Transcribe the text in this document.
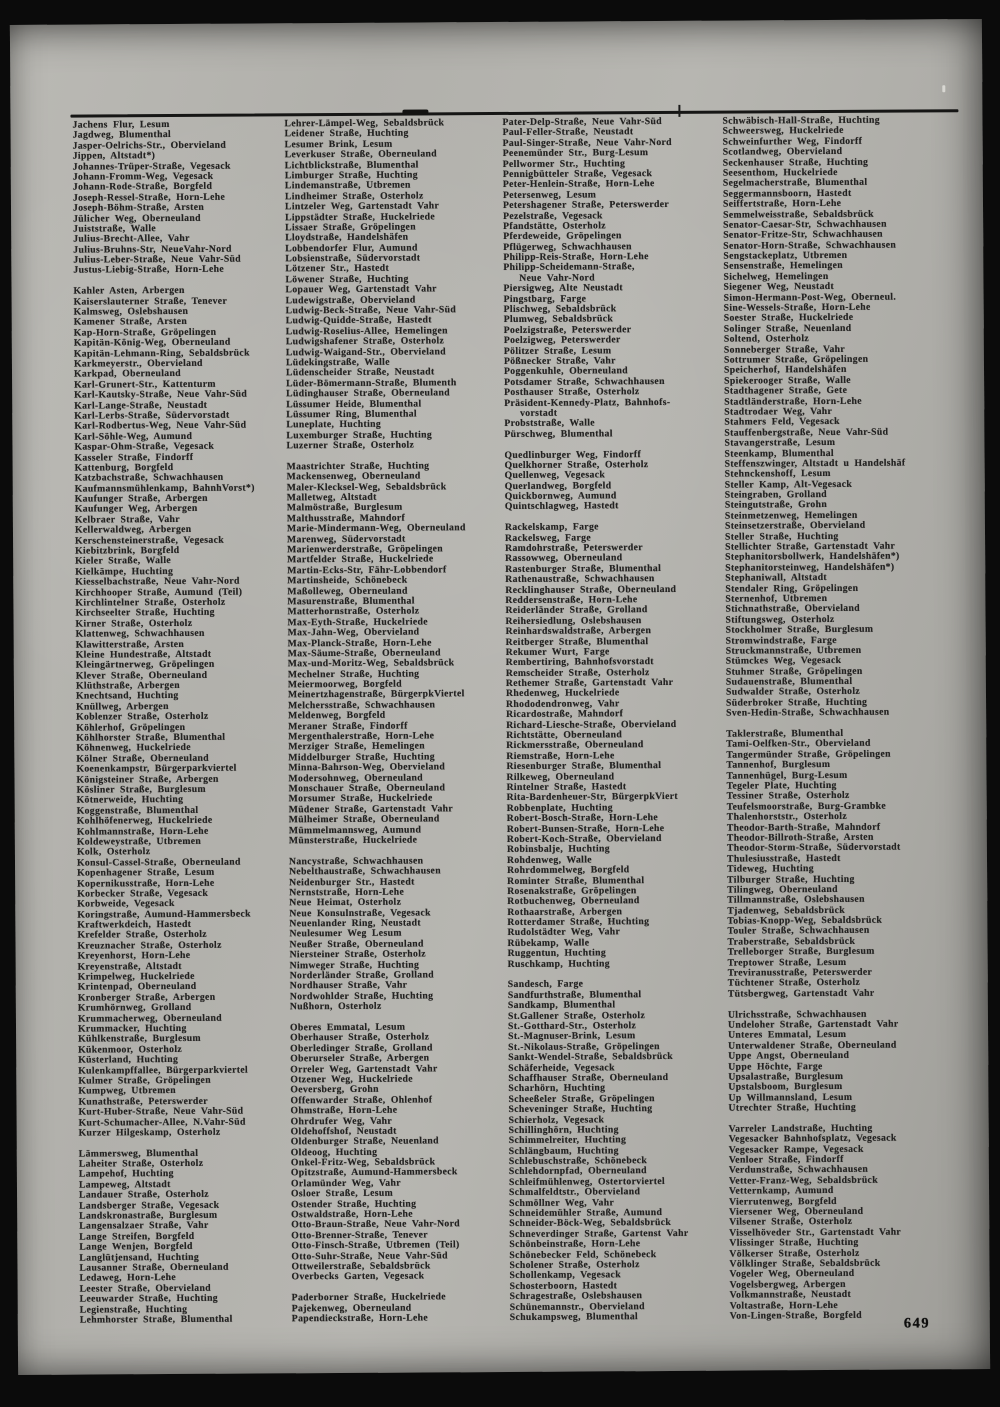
Jachens Flur, Lesum
Jagdweg, Blumenthal
Jasper-Oelrichs-Str., Obervieland
Jippen, Altstadt*)
Johannes-Trüper-Straße, Vegesack
Johann-Fromm-Weg, Vegesack
Johann-Rode-Straße, Borgfeld
Joseph-Ressel-Straße, Horn-Lehe
Joseph-Böhm-Straße, Arsten
Jülicher Weg, Oberneuland
Juiststraße, Walle
Julius-Brecht-Allee, Vahr
Julius-Bruhns-Str, NeueVahr-Nord
Julius-Leber-Straße, Neue Vahr-Süd
Justus-Liebig-Straße, Horn-Lehe
Kahler Asten, Arbergen
Kaiserslauterner Straße, Tenever
Kalmsweg, Oslebshausen
Kamener Straße, Arsten
Kap-Horn-Straße, Gröpelingen
Kapitän-König-Weg, Oberneuland
Kapitän-Lehmann-Ring, Sebaldsbrück
Karkmeyerstr., Obervieland
Karkpad, Oberneuland
Karl-Grunert-Str., Kattenturm
Karl-Kautsky-Straße, Neue Vahr-Süd
Karl-Lange-Straße, Neustadt
Karl-Lerbs-Straße, Südervorstadt
Karl-Rodbertus-Weg, Neue Vahr-Süd
Karl-Söhle-Weg, Aumund
Kaspar-Ohm-Straße, Vegesack
Kasseler Straße, Findorff
Kattenburg, Borgfeld
Katzbachstraße, Schwachhausen
Kaufmannsmühlenkamp, BahnhVorst*)
Kaufunger Straße, Arbergen
Kaufunger Weg, Arbergen
Kelbraer Straße, Vahr
Kellerwaldweg, Arbergen
Kerschensteinerstraße, Vegesack
Kiebitzbrink, Borgfeld
Kieler Straße, Walle
Kielkämpe, Huchting
Kiesselbachstraße, Neue Vahr-Nord
Kirchhooper Straße, Aumund (Teil)
Kirchlintelner Straße, Osterholz
Kirchseelter Straße, Huchting
Kirner Straße, Osterholz
Klattenweg, Schwachhausen
Klawitterstraße, Arsten
Kleine Hundestraße, Altstadt
Kleingärtnerweg, Gröpelingen
Klever Straße, Oberneuland
Klüthstraße, Arbergen
Knechtsand, Huchting
Knüllweg, Arbergen
Koblenzer Straße, Osterholz
Köhlerhof, Gröpelingen
Köhlhorster Straße, Blumenthal
Köhnenweg, Huckelriede
Kölner Straße, Oberneuland
Koenenkampstr, Bürgerparkviertel
Königsteiner Straße, Arbergen
Kösliner Straße, Burglesum
Kötnerweide, Huchting
Koggenstraße, Blumenthal
Kohlhöfenerweg, Huckelriede
Kohlmannstraße, Horn-Lehe
Koldeweystraße, Utbremen
Kolk, Osterholz
Konsul-Cassel-Straße, Oberneuland
Kopenhagener Straße, Lesum
Kopernikusstraße, Horn-Lehe
Korbecker Straße, Vegesack
Korbweide, Vegesack
Koringstraße, Aumund-Hammersbeck
Kraftwerkdeich, Hastedt
Krefelder Straße, Osterholz
Kreuznacher Straße, Osterholz
Kreyenhorst, Horn-Lehe
Kreyenstraße, Altstadt
Krimpelweg, Huckelriede
Krintenpad, Oberneuland
Kronberger Straße, Arbergen
Krumhörnweg, Grolland
Krummacherweg, Oberneuland
Krummacker, Huchting
Kühlkenstraße, Burglesum
Kükenmoor, Osterholz
Küsterland, Huchting
Kulenkampffallee, Bürgerparkviertel
Kulmer Straße, Gröpelingen
Kumpweg, Utbremen
Kunathstraße, Peterswerder
Kurt-Huber-Straße, Neue Vahr-Süd
Kurt-Schumacher-Allee, N.Vahr-Süd
Kurzer Hilgeskamp, Osterholz
Lämmersweg, Blumenthal
Laheiter Straße, Osterholz
Lampehof, Huchting
Lampeweg, Altstadt
Landauer Straße, Osterholz
Landsberger Straße, Vegesack
Landskronastraße, Burglesum
Langensalzaer Straße, Vahr
Lange Streifen, Borgfeld
Lange Wenjen, Borgfeld
Langlütjensand, Huchting
Lausanner Straße, Oberneuland
Ledaweg, Horn-Lehe
Leester Straße, Obervieland
Leeuwarder Straße, Huchting
Legienstraße, Huchting
Lehmhorster Straße, Blumenthal
Lehrer-Lämpel-Weg, Sebaldsbrück
Leidener Straße, Huchting
Lesumer Brink, Lesum
Leverkuser Straße, Oberneuland
Lichtblickstraße, Blumenthal
Limburger Straße, Huchting
Lindemanstraße, Utbremen
Lindheimer Straße, Osterholz
Lintzeler Weg, Gartenstadt Vahr
Lippstädter Straße, Huckelriede
Lissaer Straße, Gröpelingen
Lloydstraße, Handelshäfen
Lobbendorfer Flur, Aumund
Lobsienstraße, Südervorstadt
Lötzener Str., Hastedt
Löwener Straße, Huchting
Lopauer Weg, Gartenstadt Vahr
Ludewigstraße, Obervieland
Ludwig-Beck-Straße, Neue Vahr-Süd
Ludwig-Quidde-Straße, Hastedt
Ludwig-Roselius-Allee, Hemelingen
Ludwigshafener Straße, Osterholz
Ludwig-Waigand-Str., Obervieland
Lüdekingstraße, Walle
Lüdenscheider Straße, Neustadt
Lüder-Bömermann-Straße, Blumenth
Lüdinghauser Straße, Oberneuland
Lüssumer Heide, Blumenthal
Lüssumer Ring, Blumenthal
Luneplate, Huchting
Luxemburger Straße, Huchting
Luzerner Straße, Osterholz
Maastrichter Straße, Huchting
Mackensenweg, Oberneuland
Maler-Klecksel-Weg, Sebaldsbrück
Malletweg, Altstadt
Malmöstraße, Burglesum
Malthusstraße, Mahndorf
Marie-Mindermann-Weg, Oberneuland
Marenweg, Südervorstadt
Marienwerderstraße, Gröpelingen
Martfelder Straße, Huckelriede
Martin-Ecks-Str, Fähr-Lobbendorf
Martinsheide, Schönebeck
Maßolleweg, Oberneuland
Masurenstraße, Blumenthal
Matterhornstraße, Osterholz
Max-Eyth-Straße, Huckelriede
Max-Jahn-Weg, Obervieland
Max-Planck-Straße, Horn-Lehe
Max-Säume-Straße, Oberneuland
Max-und-Moritz-Weg, Sebaldsbrück
Mechelner Straße, Huchting
Meiermoorweg, Borgfeld
Meinertzhagenstraße, BürgerpkViertel
Melchersstraße, Schwachhausen
Meldenweg, Borgfeld
Meraner Straße, Findorff
Mergenthalerstraße, Horn-Lehe
Merziger Straße, Hemelingen
Middelburger Straße, Huchting
Minna-Bahrson-Weg, Obervieland
Modersohnweg, Oberneuland
Monschauer Straße, Oberneuland
Morsumer Straße, Huckelriede
Müdener Straße, Gartenstadt Vahr
Mülheimer Straße, Oberneuland
Mümmelmannsweg, Aumund
Münsterstraße, Huckelriede
Nancystraße, Schwachhausen
Nebelthaustraße, Schwachhausen
Neidenburger Str., Hastedt
Nernststraße, Horn-Lehe
Neue Heimat, Osterholz
Neue Konsulnstraße, Vegesack
Neuenlander Ring, Neustadt
Neulesumer Weg Lesum
Neußer Straße, Oberneuland
Niersteiner Straße, Osterholz
Nimweger Straße, Huchting
Norderländer Straße, Grolland
Nordhauser Straße, Vahr
Nordwohlder Straße, Huchting
Nußhorn, Osterholz
Oberes Emmatal, Lesum
Oberhauser Straße, Osterholz
Oberledinger Straße, Grolland
Oberurseler Straße, Arbergen
Orreler Weg, Gartenstadt Vahr
Otzener Weg, Huckelriede
Oeversberg, Grohn
Offenwarder Straße, Ohlenhof
Ohmstraße, Horn-Lehe
Ohrdrufer Weg, Vahr
Oldehoffshof, Neustadt
Oldenburger Straße, Neuenland
Oldeoog, Huchting
Onkel-Fritz-Weg, Sebaldsbrück
Opitzstraße, Aumund-Hammersbeck
Orlamünder Weg, Vahr
Osloer Straße, Lesum
Ostender Straße, Huchting
Ostwaldstraße, Horn-Lehe
Otto-Braun-Straße, Neue Vahr-Nord
Otto-Brenner-Straße, Tenever
Otto-Finsch-Straße, Utbremen (Teil)
Otto-Suhr-Straße, Neue Vahr-Süd
Ottweilerstraße, Sebaldsbrück
Overbecks Garten, Vegesack
Paderborner Straße, Huckelriede
Pajekenweg, Oberneuland
Papendieckstraße, Horn-Lehe
Pater-Delp-Straße, Neue Vahr-Süd
Paul-Feller-Straße, Neustadt
Paul-Singer-Straße, Neue Vahr-Nord
Peenemünder Str., Burg-Lesum
Pellwormer Str., Huchting
Pennigbütteler Straße, Vegesack
Peter-Henlein-Straße, Horn-Lehe
Petersenweg, Lesum
Petershagener Straße, Peterswerder
Pezelstraße, Vegesack
Pfandstätte, Osterholz
Pferdeweide, Gröpelingen
Pflügerweg, Schwachhausen
Philipp-Reis-Straße, Horn-Lehe
Philipp-Scheidemann-Straße,
Neue Vahr-Nord
Piersigweg, Alte Neustadt
Pingstbarg, Farge
Plischweg, Sebaldsbrück
Plumweg, Sebaldsbrück
Poelzigstraße, Peterswerder
Poelzigweg, Peterswerder
Pölitzer Straße, Lesum
Pößnecker Straße, Vahr
Poggenkuhle, Oberneuland
Potsdamer Straße, Schwachhausen
Posthauser Straße, Osterholz
Präsident-Kennedy-Platz, Bahnhofs-
vorstadt
Probststraße, Walle
Pürschweg, Blumenthal
Quedlinburger Weg, Findorff
Quelkhorner Straße, Osterholz
Quellenweg, Vegesack
Querlandweg, Borgfeld
Quickbornweg, Aumund
Quintschlagweg, Hastedt
Rackelskamp, Farge
Rackelsweg, Farge
Ramdohrstraße, Peterswerder
Rassowweg, Oberneuland
Rastenburger Straße, Blumenthal
Rathenaustraße, Schwachhausen
Recklinghauser Straße, Oberneuland
Reddersenstraße, Horn-Lehe
Reiderländer Straße, Grolland
Reihersiedlung, Oslebshausen
Reinhardswaldstraße, Arbergen
Reitberger Straße, Blumenthal
Rekumer Wurt, Farge
Rembertiring, Bahnhofsvorstadt
Remscheider Straße, Osterholz
Rethemer Straße, Gartenstadt Vahr
Rhedenweg, Huckelriede
Rhododendronweg, Vahr
Ricardostraße, Mahndorf
Richard-Liesche-Straße, Obervieland
Richtstätte, Oberneuland
Rickmersstraße, Oberneuland
Riemstraße, Horn-Lehe
Riesenburger Straße, Blumenthal
Rilkeweg, Oberneuland
Rintelner Straße, Hastedt
Rita-Bardenheuer-Str, BürgerpkViert
Robbenplate, Huchting
Robert-Bosch-Straße, Horn-Lehe
Robert-Bunsen-Straße, Horn-Lehe
Robert-Koch-Straße, Obervieland
Robinsbalje, Huchting
Rohdenweg, Walle
Rohrdommelweg, Borgfeld
Rominter Straße, Blumenthal
Rosenakstraße, Gröpelingen
Rotbuchenweg, Oberneuland
Rothaarstraße, Arbergen
Rotterdamer Straße, Huchting
Rudolstädter Weg, Vahr
Rübekamp, Walle
Ruggentun, Huchting
Ruschkamp, Huchting
Sandesch, Farge
Sandfurthstraße, Blumenthal
Sandkamp, Blumenthal
St.Gallener Straße, Osterholz
St.-Gotthard-Str., Osterholz
St.-Magnuser-Brink, Lesum
St.-Nikolaus-Straße, Gröpelingen
Sankt-Wendel-Straße, Sebaldsbrück
Schäferheide, Vegesack
Schaffhauser Straße, Oberneuland
Scharhörn, Huchting
Scheeßeler Straße, Gröpelingen
Scheveninger Straße, Huchting
Schierholz, Vegesack
Schillinghörn, Huchting
Schimmelreiter, Huchting
Schlängbaum, Huchting
Schlebuschstraße, Schönebeck
Schlehdornpfad, Oberneuland
Schleifmühlenweg, Ostertorviertel
Schmalfeldtstr., Obervieland
Schmöllner Weg, Vahr
Schneidemühler Straße, Aumund
Schneider-Böck-Weg, Sebaldsbrück
Schneverdinger Straße, Gartenst Vahr
Schönbeinstraße, Horn-Lehe
Schönebecker Feld, Schönebeck
Scholener Straße, Osterholz
Schollenkamp, Vegesack
Schosterboorn, Hastedt
Schragestraße, Oslebshausen
Schünemannstr., Obervieland
Schukampsweg, Blumenthal
Schwäbisch-Hall-Straße, Huchting
Schweersweg, Huckelriede
Schweinfurther Weg, Findorff
Scotlandweg, Obervieland
Seckenhauser Straße, Huchting
Seesenthom, Huckelriede
Segelmacherstraße, Blumenthal
Seggermannsboorn, Hastedt
Seiffertstraße, Horn-Lehe
Semmelweisstraße, Sebaldsbrück
Senator-Caesar-Str, Schwachhausen
Senator-Fritze-Str, Schwachhausen
Senator-Horn-Straße, Schwachhausen
Sengstackeplatz, Utbremen
Sensenstraße, Hemelingen
Sichelweg, Hemelingen
Siegener Weg, Neustadt
Simon-Hermann-Post-Weg, Oberneul.
Sine-Wessels-Straße, Horn-Lehe
Soester Straße, Huckelriede
Solinger Straße, Neuenland
Soltend, Osterholz
Sonneberger Straße, Vahr
Sottrumer Straße, Gröpelingen
Speicherhof, Handelshäfen
Spiekerooger Straße, Walle
Stadthagener Straße, Gete
Stadtländerstraße, Horn-Lehe
Stadtrodaer Weg, Vahr
Stahmers Feld, Vegesack
Stauffenbergstraße, Neue Vahr-Süd
Stavangerstraße, Lesum
Steenkamp, Blumenthal
Steffenszwinger, Altstadt u Handelshäf
Stehnckenshoff, Lesum
Steller Kamp, Alt-Vegesack
Steingraben, Grolland
Steingutstraße, Grohn
Steinmetzenweg, Hemelingen
Steinsetzerstraße, Obervieland
Steller Straße, Huchting
Stellichter Straße, Gartenstadt Vahr
Stephanitorsbollwerk, Handelshäfen*)
Stephanitorsteinweg, Handelshäfen*)
Stephaniwall, Altstadt
Stendaler Ring, Gröpelingen
Sternenhof, Utbremen
Stichnathstraße, Obervieland
Stiftungsweg, Osterholz
Stockholmer Straße, Burglesum
Stromwindstraße, Farge
Struckmannstraße, Utbremen
Stümckes Weg, Vegesack
Stuhmer Straße, Gröpelingen
Sudauenstraße, Blumenthal
Sudwalder Straße, Osterholz
Süderbroker Straße, Huchting
Sven-Hedin-Straße, Schwachhausen
Taklerstraße, Blumenthal
Tami-Oelfken-Str., Obervieland
Tangermünder Straße, Gröpelingen
Tannenhof, Burglesum
Tannenhügel, Burg-Lesum
Tegeler Plate, Huchting
Tessiner Straße, Osterholz
Teufelsmoorstraße, Burg-Grambke
Thalenhorststr., Osterholz
Theodor-Barth-Straße, Mahndorf
Theodor-Billroth-Straße, Arsten
Theodor-Storm-Straße, Südervorstadt
Thulesiusstraße, Hastedt
Tideweg, Huchting
Tilburger Straße, Huchting
Tilingweg, Oberneuland
Tillmannstraße, Oslebshausen
Tjadenweg, Sebaldsbrück
Tobias-Knopp-Weg, Sebaldsbrück
Touler Straße, Schwachhausen
Traberstraße, Sebaldsbrück
Trelleborger Straße, Burglesum
Treptower Straße, Lesum
Treviranusstraße, Peterswerder
Tüchtener Straße, Osterholz
Tütsbergweg, Gartenstadt Vahr
Ulrichsstraße, Schwachhausen
Undeloher Straße, Gartenstadt Vahr
Unteres Emmatal, Lesum
Unterwaldener Straße, Oberneuland
Uppe Angst, Oberneuland
Uppe Höchte, Farge
Upsalastraße, Burglesum
Upstalsboom, Burglesum
Up Willmannsland, Lesum
Utrechter Straße, Huchting
Varreler Landstraße, Huchting
Vegesacker Bahnhofsplatz, Vegesack
Vegesacker Rampe, Vegesack
Venloer Straße, Findorff
Verdunstraße, Schwachhausen
Vetter-Franz-Weg, Sebaldsbrück
Vetternkamp, Aumund
Vierrutenweg, Borgfeld
Viersener Weg, Oberneuland
Vilsener Straße, Osterholz
Visselhöveder Str., Gartenstadt Vahr
Vlissinger Straße, Huchting
Völkerser Straße, Osterholz
Völklinger Straße, Sebaldsbrück
Vogeler Weg, Oberneuland
Vogelsbergweg, Arbergen
Volkmannstraße, Neustadt
Voltastraße, Horn-Lehe
Von-Lingen-Straße, Borgfeld	649
